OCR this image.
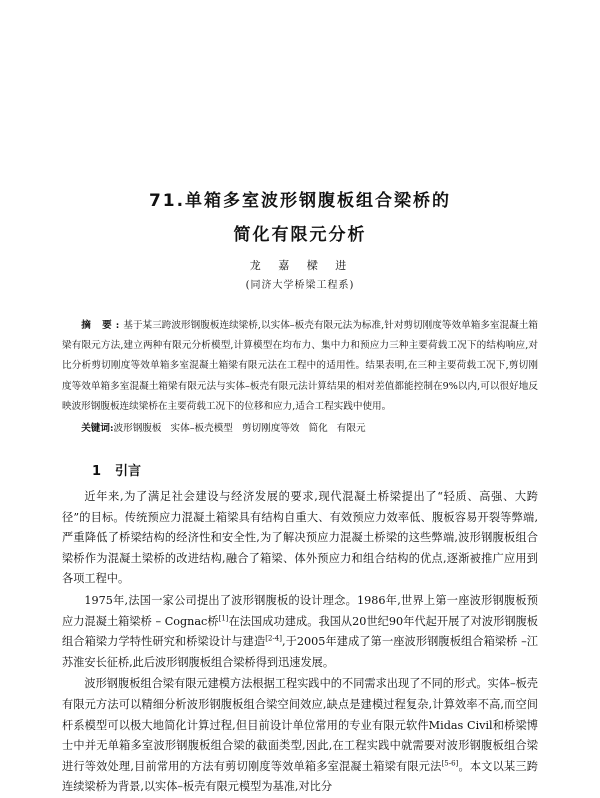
71.单箱多室波形钢腹板组合梁桥的
简化有限元分析
龙 嘉 樑 进
(同济大学桥梁工程系)

摘 要:基于某三跨波形钢腹板连续梁桥,以实体–板壳有限元法为标准,针对剪切刚度等效单箱多室混凝土箱梁有限元方法,建立两种有限元分析模型,计算模型在均布力、集中力和预应力三种主要荷载工况下的结构响应,对比分析剪切刚度等效单箱多室混凝土箱梁有限元法在工程中的适用性。结果表明,在三种主要荷载工况下,剪切刚度等效单箱多室混凝土箱梁有限元法与实体–板壳有限元法计算结果的相对差值都能控制在9%以内,可以很好地反映波形钢腹板连续梁桥在主要荷载工况下的位移和应力,适合工程实践中使用。

关键词:波形钢腹板 实体–板壳模型 剪切刚度等效 简化 有限元

1 引言

近年来,为了满足社会建设与经济发展的要求,现代混凝土桥梁提出了“轻质、高强、大跨径”的目标。传统预应力混凝土箱梁具有结构自重大、有效预应力效率低、腹板容易开裂等弊端,严重降低了桥梁结构的经济性和安全性,为了解决预应力混凝土桥梁的这些弊端,波形钢腹板组合梁桥作为混凝土梁桥的改进结构,融合了箱梁、体外预应力和组合结构的优点,逐渐被推广应用到各项工程中。

1975年,法国一家公司提出了波形钢腹板的设计理念。1986年,世界上第一座波形钢腹板预应力混凝土箱梁桥 – Cognac桥[1]在法国成功建成。我国从20世纪90年代起开展了对波形钢腹板组合箱梁力学特性研究和桥梁设计与建造[2-4],于2005年建成了第一座波形钢腹板组合箱梁桥 –江苏淮安长征桥,此后波形钢腹板组合梁桥得到迅速发展。

波形钢腹板组合梁有限元建模方法根据工程实践中的不同需求出现了不同的形式。实体–板壳有限元方法可以精细分析波形钢腹板组合梁空间效应,缺点是建模过程复杂,计算效率不高,而空间杆系模型可以极大地简化计算过程,但目前设计单位常用的专业有限元软件Midas Civil和桥梁博士中并无单箱多室波形钢腹板组合梁的截面类型,因此,在工程实践中就需要对波形钢腹板组合梁进行等效处理,目前常用的方法有剪切刚度等效单箱多室混凝土箱梁有限元法[5-6]。本文以某三跨连续梁桥为背景,以实体–板壳有限元模型为基准,对比分
